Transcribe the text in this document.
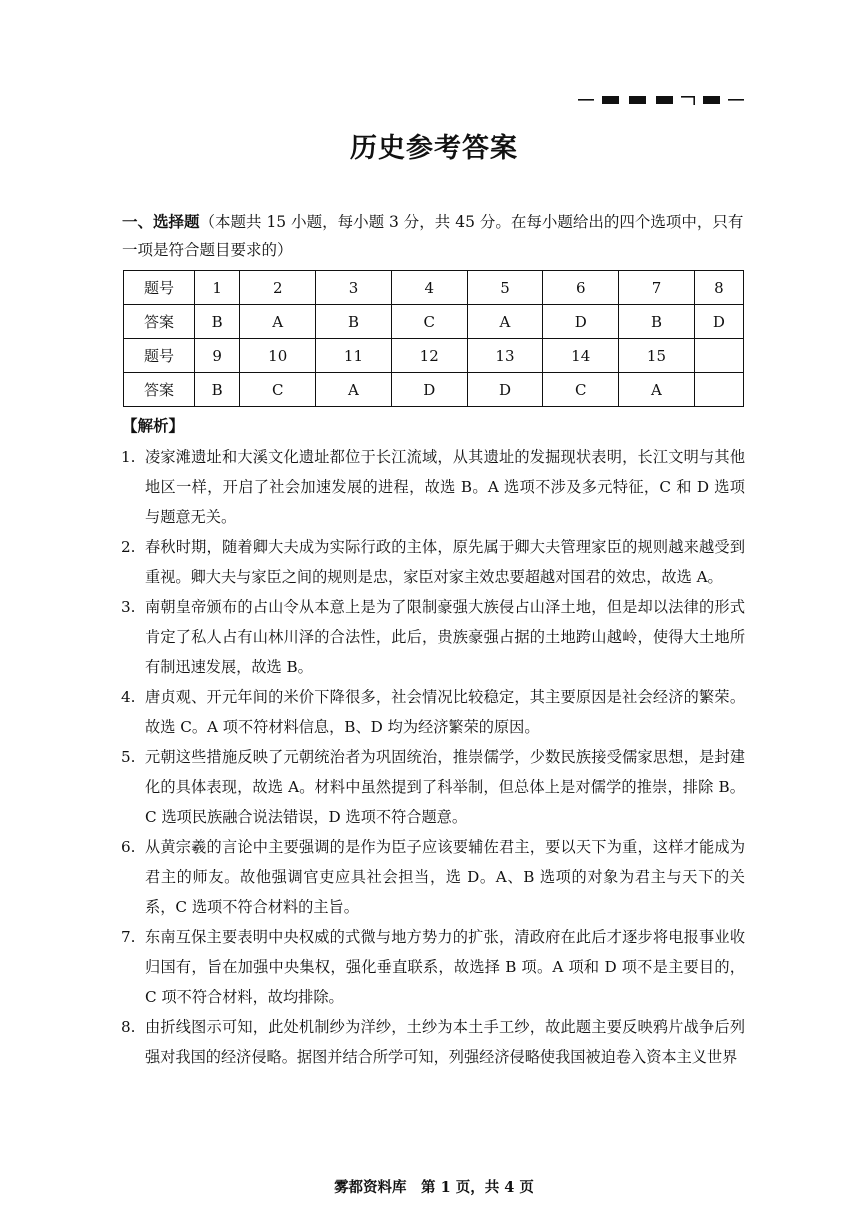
历史参考答案
一、选择题（本题共 15 小题，每小题 3 分，共 45 分。在每小题给出的四个选项中，只有一项是符合题目要求的）
题号	1	2	3	4	5	6	7	8
答案	B	A	B	C	A	D	B	D
题号	9	10	11	12	13	14	15	
答案	B	C	A	D	D	C	A	
【解析】
1. 凌家滩遗址和大溪文化遗址都位于长江流域，从其遗址的发掘现状表明，长江文明与其他地区一样，开启了社会加速发展的进程，故选 B。A 选项不涉及多元特征，C 和 D 选项与题意无关。
2. 春秋时期，随着卿大夫成为实际行政的主体，原先属于卿大夫管理家臣的规则越来越受到重视。卿大夫与家臣之间的规则是忠，家臣对家主效忠要超越对国君的效忠，故选 A。
3. 南朝皇帝颁布的占山令从本意上是为了限制豪强大族侵占山泽土地，但是却以法律的形式肯定了私人占有山林川泽的合法性，此后，贵族豪强占据的土地跨山越岭，使得大土地所有制迅速发展，故选 B。
4. 唐贞观、开元年间的米价下降很多，社会情况比较稳定，其主要原因是社会经济的繁荣。故选 C。A 项不符材料信息，B、D 均为经济繁荣的原因。
5. 元朝这些措施反映了元朝统治者为巩固统治，推崇儒学，少数民族接受儒家思想，是封建化的具体表现，故选 A。材料中虽然提到了科举制，但总体上是对儒学的推崇，排除 B。C 选项民族融合说法错误，D 选项不符合题意。
6. 从黄宗羲的言论中主要强调的是作为臣子应该要辅佐君主，要以天下为重，这样才能成为君主的师友。故他强调官吏应具社会担当，选 D。A、B 选项的对象为君主与天下的关系，C 选项不符合材料的主旨。
7. 东南互保主要表明中央权威的式微与地方势力的扩张，清政府在此后才逐步将电报事业收归国有，旨在加强中央集权，强化垂直联系，故选择 B 项。A 项和 D 项不是主要目的，C 项不符合材料，故均排除。
8. 由折线图示可知，此处机制纱为洋纱，土纱为本土手工纱，故此题主要反映鸦片战争后列强对我国的经济侵略。据图并结合所学可知，列强经济侵略使我国被迫卷入资本主义世界
雾都资料库　第 1 页，共 4 页
